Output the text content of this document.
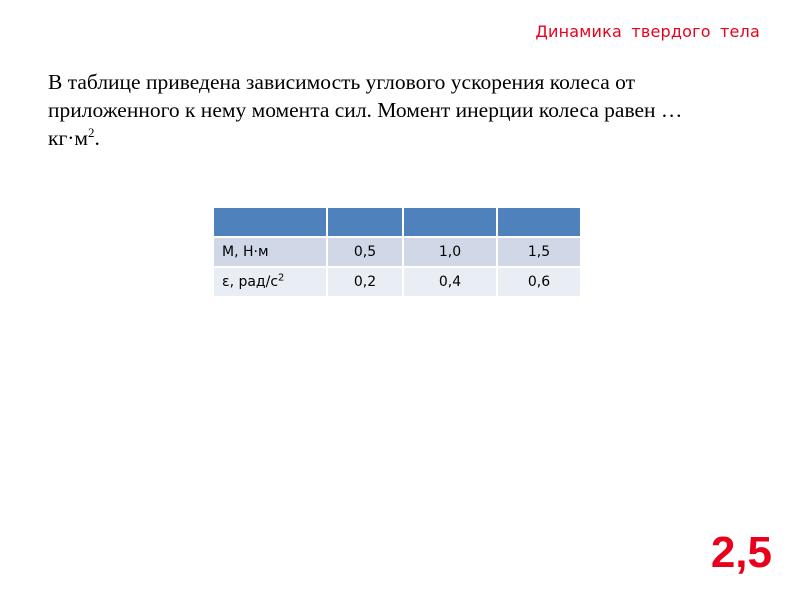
Динамика твердого тела
В таблице приведена зависимость углового ускорения колеса от приложенного к нему момента сил. Момент инерции колеса равен … $кг\cdot м^2$.

M, Н·м	0,5	1,0	1,5
ε, рад/$с^2$	0,2	0,4	0,6
2,5
